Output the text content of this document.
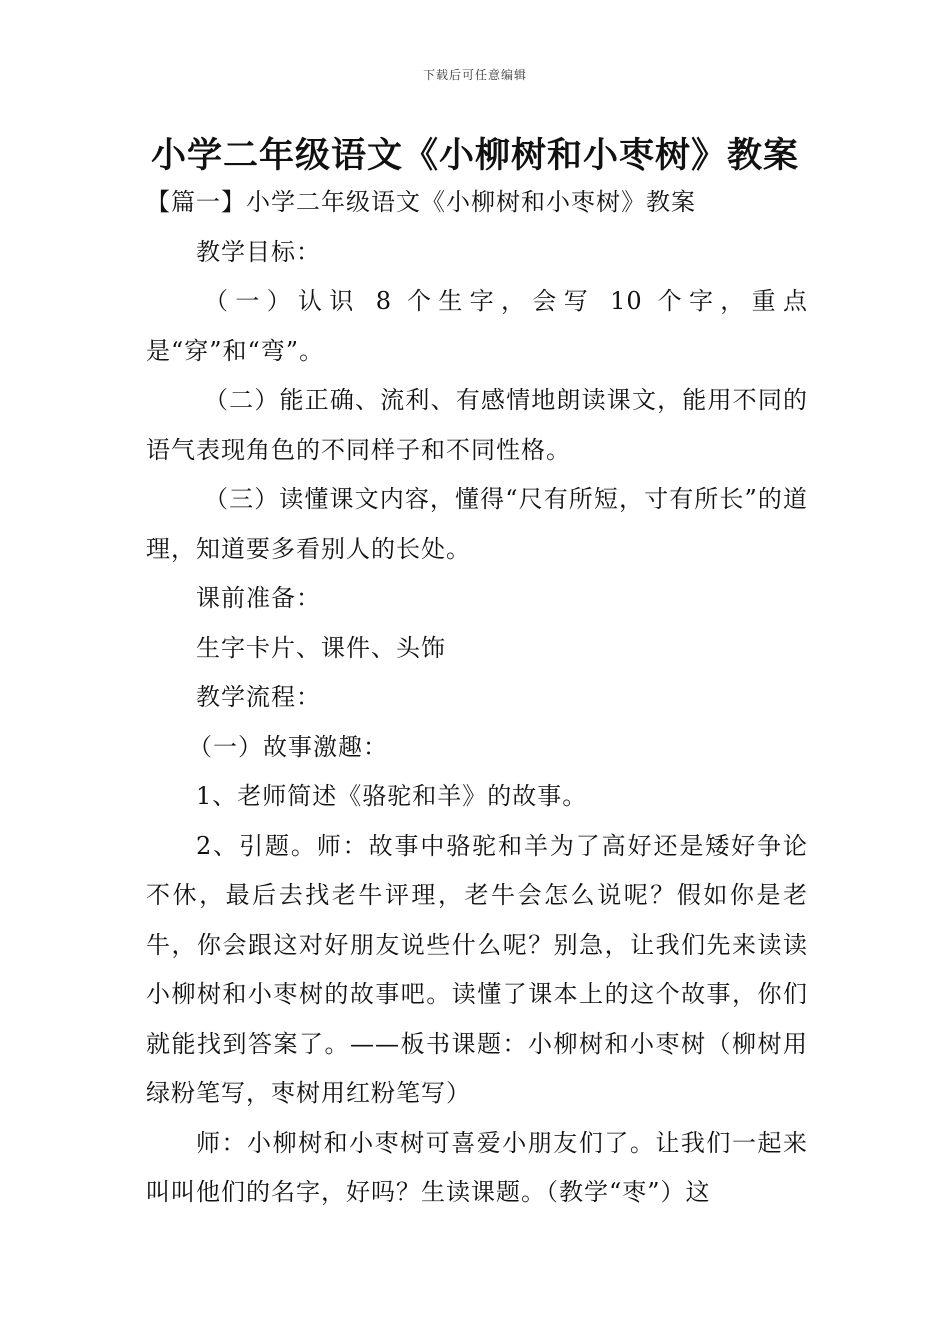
下载后可任意编辑
小学二年级语文《小柳树和小枣树》教案

【篇一】小学二年级语文《小柳树和小枣树》教案

教学目标：

（一）认识 8 个生字，会写 10 个字，重点是“穿”和“弯”。

（二）能正确、流利、有感情地朗读课文，能用不同的语气表现角色的不同样子和不同性格。

（三）读懂课文内容，懂得“尺有所短，寸有所长”的道理，知道要多看别人的长处。

课前准备：

生字卡片、课件、头饰

教学流程：

（一）故事激趣：

1、老师简述《骆驼和羊》的故事。

2、引题。师：故事中骆驼和羊为了高好还是矮好争论不休，最后去找老牛评理，老牛会怎么说呢？假如你是老牛，你会跟这对好朋友说些什么呢？别急，让我们先来读读小柳树和小枣树的故事吧。读懂了课本上的这个故事，你们就能找到答案了。——板书课题：小柳树和小枣树（柳树用绿粉笔写，枣树用红粉笔写）

师：小柳树和小枣树可喜爱小朋友们了。让我们一起来叫叫他们的名字，好吗？生读课题。（教学“枣”）这
